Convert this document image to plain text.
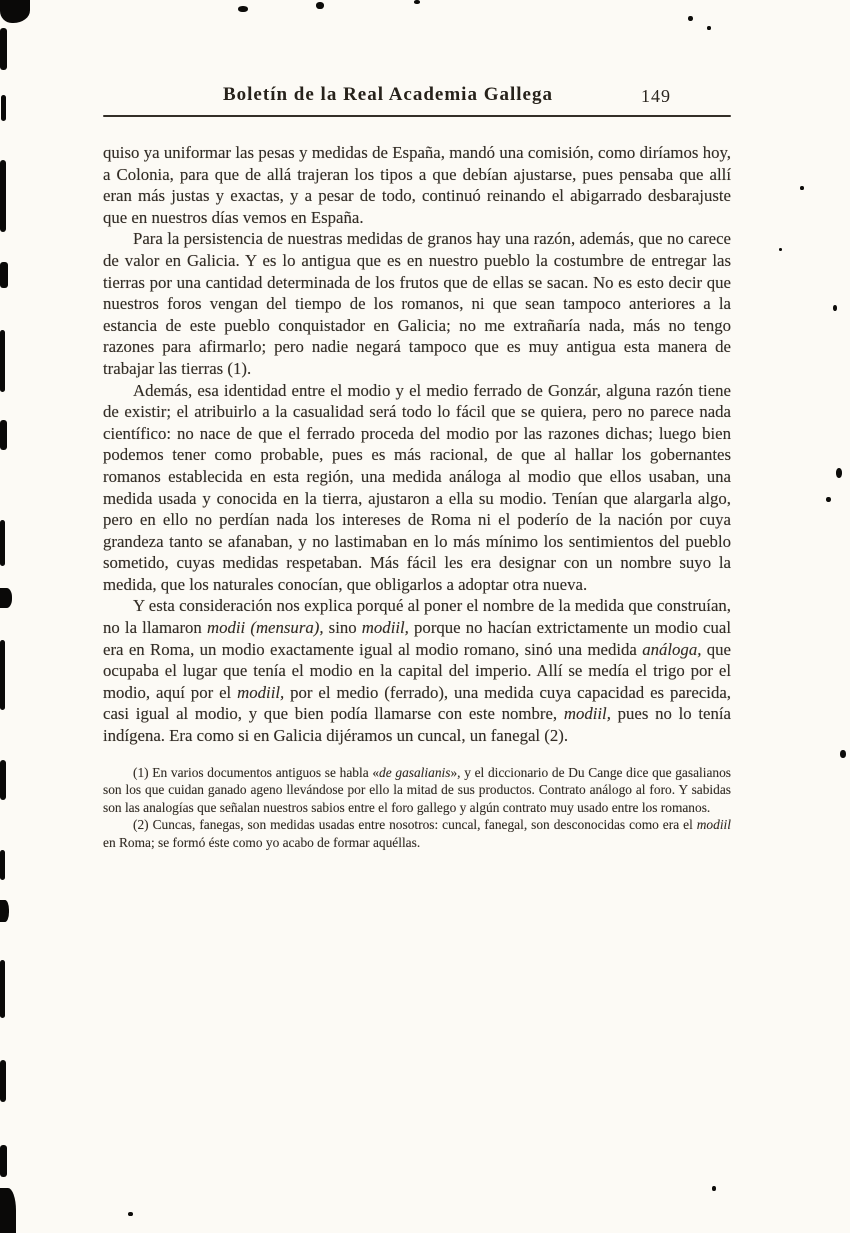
Boletín de la Real Academia Gallega	149

quiso ya uniformar las pesas y medidas de España, mandó una comisión, como diríamos hoy, a Colonia, para que de allá trajeran los tipos a que debían ajustarse, pues pensaba que allí eran más justas y exactas, y a pesar de todo, continuó reinando el abigarrado desbarajuste que en nuestros días vemos en España.

Para la persistencia de nuestras medidas de granos hay una razón, además, que no carece de valor en Galicia. Y es lo antigua que es en nuestro pueblo la costumbre de entregar las tierras por una cantidad determinada de los frutos que de ellas se sacan. No es esto decir que nuestros foros vengan del tiempo de los romanos, ni que sean tampoco anteriores a la estancia de este pueblo conquistador en Galicia; no me extrañaría nada, más no tengo razones para afirmarlo; pero nadie negará tampoco que es muy antigua esta manera de trabajar las tierras (1).

Además, esa identidad entre el modio y el medio ferrado de Gonzár, alguna razón tiene de existir; el atribuirlo a la casualidad será todo lo fácil que se quiera, pero no parece nada científico: no nace de que el ferrado proceda del modio por las razones dichas; luego bien podemos tener como probable, pues es más racional, de que al hallar los gobernantes romanos establecida en esta región, una medida análoga al modio que ellos usaban, una medida usada y conocida en la tierra, ajustaron a ella su modio. Tenían que alargarla algo, pero en ello no perdían nada los intereses de Roma ni el poderío de la nación por cuya grandeza tanto se afanaban, y no lastimaban en lo más mínimo los sentimientos del pueblo sometido, cuyas medidas respetaban. Más fácil les era designar con un nombre suyo la medida, que los naturales conocían, que obligarlos a adoptar otra nueva.

Y esta consideración nos explica porqué al poner el nombre de la medida que construían, no la llamaron modii (mensura), sino modiil, porque no hacían extrictamente un modio cual era en Roma, un modio exactamente igual al modio romano, sinó una medida análoga, que ocupaba el lugar que tenía el modio en la capital del imperio. Allí se medía el trigo por el modio, aquí por el modiil, por el medio (ferrado), una medida cuya capacidad es parecida, casi igual al modio, y que bien podía llamarse con este nombre, modiil, pues no lo tenía indígena. Era como si en Galicia dijéramos un cuncal, un fanegal (2).

(1) En varios documentos antiguos se habla «de gasalianis», y el diccionario de Du Cange dice que gasalianos son los que cuidan ganado ageno llevándose por ello la mitad de sus productos. Contrato análogo al foro. Y sabidas son las analogías que señalan nuestros sabios entre el foro gallego y algún contrato muy usado entre los romanos.

(2) Cuncas, fanegas, son medidas usadas entre nosotros: cuncal, fanegal, son desconocidas como era el modiil en Roma; se formó éste como yo acabo de formar aquéllas.
